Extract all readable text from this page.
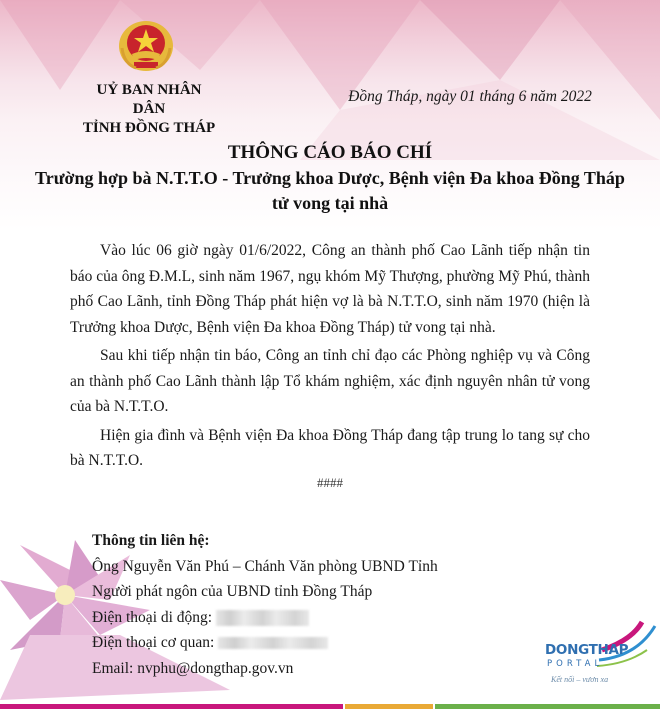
UỶ BAN NHÂN DÂN
TỈNH ĐỒNG THÁP
Đồng Tháp, ngày 01 tháng 6 năm 2022
THÔNG CÁO BÁO CHÍ
Trường hợp bà N.T.T.O - Trưởng khoa Dược, Bệnh viện Đa khoa Đồng Tháp tử vong tại nhà

Vào lúc 06 giờ ngày 01/6/2022, Công an thành phố Cao Lãnh tiếp nhận tin báo của ông Đ.M.L, sinh năm 1967, ngụ khóm Mỹ Thượng, phường Mỹ Phú, thành phố Cao Lãnh, tỉnh Đồng Tháp phát hiện vợ là bà N.T.T.O, sinh năm 1970 (hiện là Trưởng khoa Dược, Bệnh viện Đa khoa Đồng Tháp) tử vong tại nhà.

Sau khi tiếp nhận tin báo, Công an tỉnh chỉ đạo các Phòng nghiệp vụ và Công an thành phố Cao Lãnh thành lập Tổ khám nghiệm, xác định nguyên nhân tử vong của bà N.T.T.O.

Hiện gia đình và Bệnh viện Đa khoa Đồng Tháp đang tập trung lo tang sự cho bà N.T.T.O.

####
Thông tin liên hệ:
Ông Nguyễn Văn Phú – Chánh Văn phòng UBND Tỉnh
Người phát ngôn của UBND tỉnh Đồng Tháp
Điện thoại di động:
Điện thoại cơ quan:
Email: nvphu@dongthap.gov.vn
DONGTHAP
PORTAL
Kết nối – vươn xa
